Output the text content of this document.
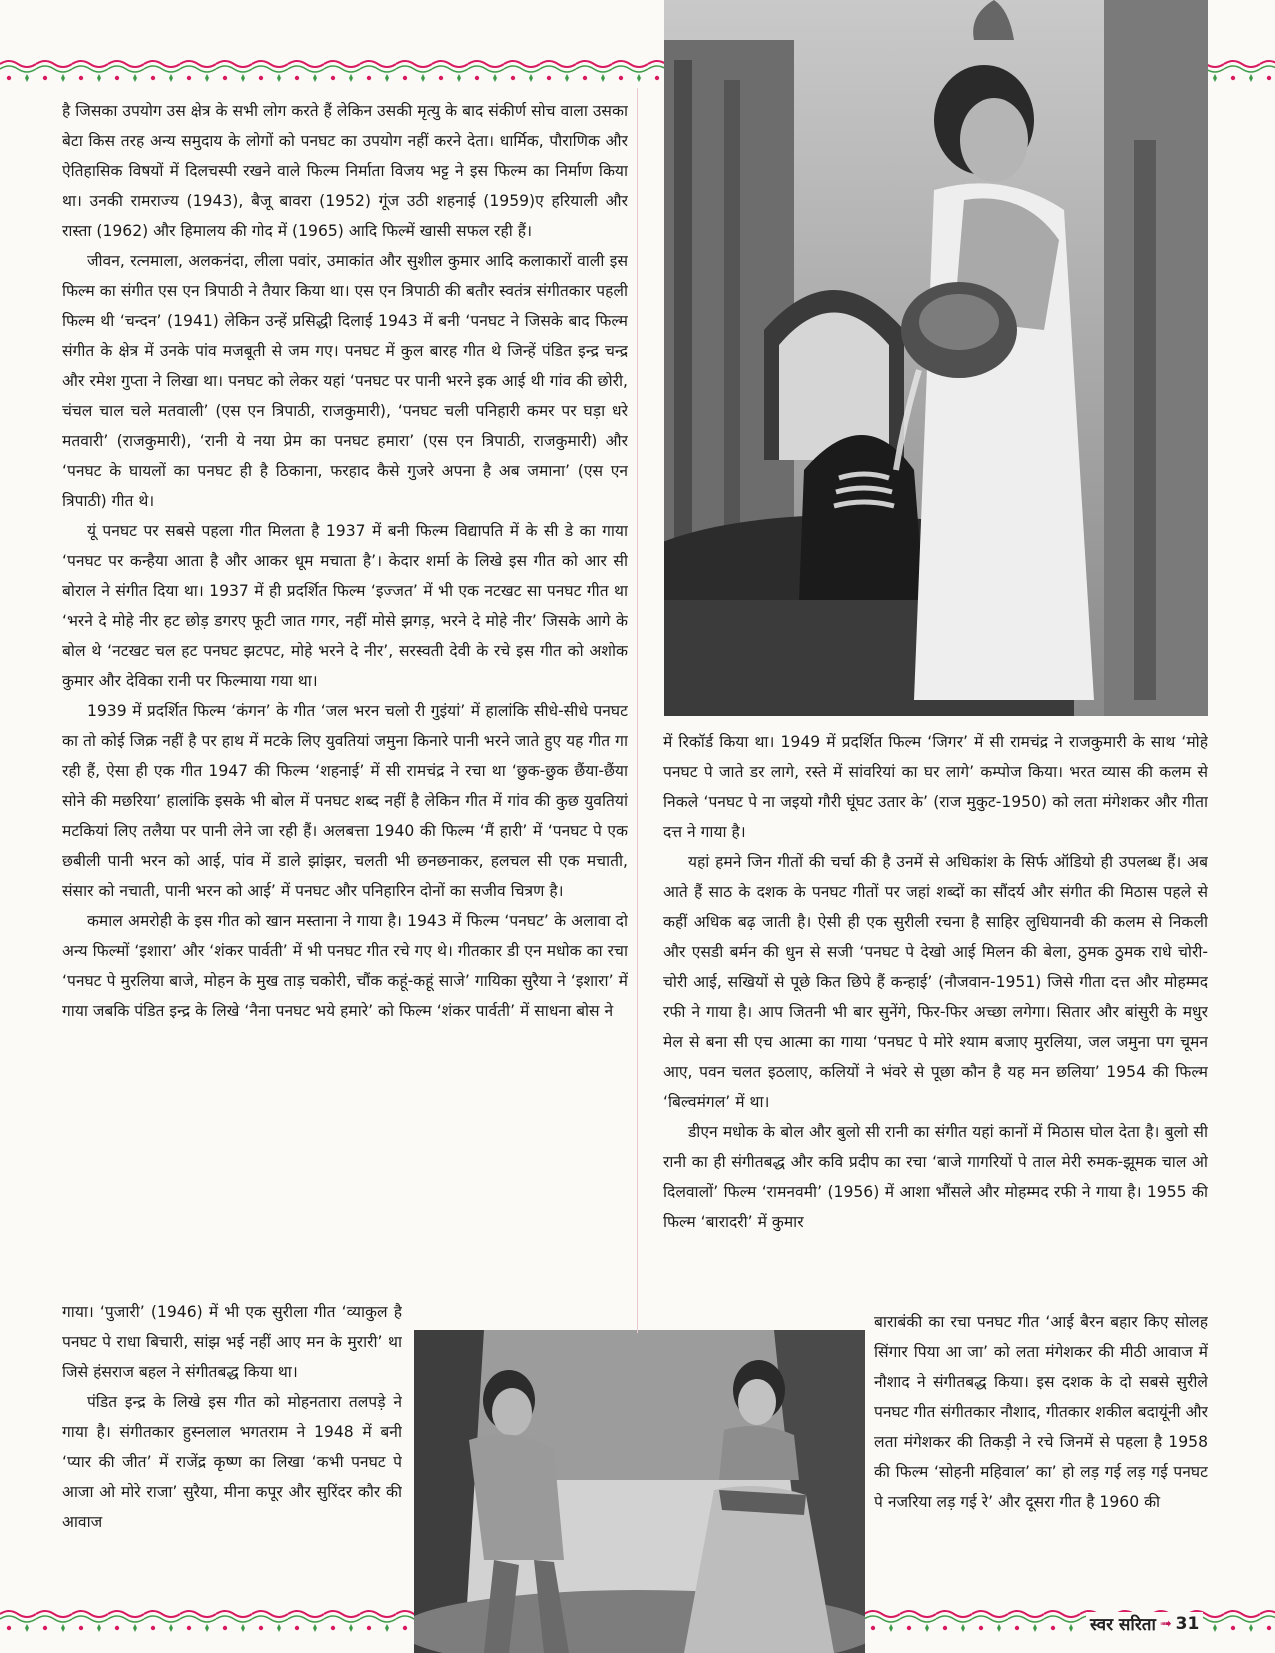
है जिसका उपयोग उस क्षेत्र के सभी लोग करते हैं लेकिन उसकी मृत्यु के बाद संकीर्ण सोच वाला उसका बेटा किस तरह अन्य समुदाय के लोगों को पनघट का उपयोग नहीं करने देता। धार्मिक, पौराणिक और ऐतिहासिक विषयों में दिलचस्पी रखने वाले फिल्म निर्माता विजय भट्ट ने इस फिल्म का निर्माण किया था। उनकी रामराज्य (1943), बैजू बावरा (1952) गूंज उठी शहनाई (1959)ए हरियाली और रास्ता (1962) और हिमालय की गोद में (1965) आदि फिल्में खासी सफल रही हैं।

जीवन, रत्नमाला, अलकनंदा, लीला पवांर, उमाकांत और सुशील कुमार आदि कलाकारों वाली इस फिल्म का संगीत एस एन त्रिपाठी ने तैयार किया था। एस एन त्रिपाठी की बतौर स्वतंत्र संगीतकार पहली फिल्म थी ‘चन्दन’ (1941) लेकिन उन्हें प्रसिद्धी दिलाई 1943 में बनी ‘पनघट ने जिसके बाद फिल्म संगीत के क्षेत्र में उनके पांव मजबूती से जम गए। पनघट में कुल बारह गीत थे जिन्हें पंडित इन्द्र चन्द्र और रमेश गुप्ता ने लिखा था। पनघट को लेकर यहां ‘पनघट पर पानी भरने इक आई थी गांव की छोरी, चंचल चाल चले मतवाली’ (एस एन त्रिपाठी, राजकुमारी), ‘पनघट चली पनिहारी कमर पर घड़ा धरे मतवारी’ (राजकुमारी), ‘रानी ये नया प्रेम का पनघट हमारा’ (एस एन त्रिपाठी, राजकुमारी) और ‘पनघट के घायलों का पनघट ही है ठिकाना, फरहाद कैसे गुजरे अपना है अब जमाना’ (एस एन त्रिपाठी) गीत थे।

यूं पनघट पर सबसे पहला गीत मिलता है 1937 में बनी फिल्म विद्यापति में के सी डे का गाया ‘पनघट पर कन्हैया आता है और आकर धूम मचाता है’। केदार शर्मा के लिखे इस गीत को आर सी बोराल ने संगीत दिया था। 1937 में ही प्रदर्शित फिल्म ‘इज्जत’ में भी एक नटखट सा पनघट गीत था ‘भरने दे मोहे नीर हट छोड़ डगरए फूटी जात गगर, नहीं मोसे झगड़, भरने दे मोहे नीर’ जिसके आगे के बोल थे ‘नटखट चल हट पनघट झटपट, मोहे भरने दे नीर’, सरस्वती देवी के रचे इस गीत को अशोक कुमार और देविका रानी पर फिल्माया गया था।

1939 में प्रदर्शित फिल्म ‘कंगन’ के गीत ‘जल भरन चलो री गुइंयां’ में हालांकि सीधे-सीधे पनघट का तो कोई जिक्र नहीं है पर हाथ में मटके लिए युवतियां जमुना किनारे पानी भरने जाते हुए यह गीत गा रही हैं, ऐसा ही एक गीत 1947 की फिल्म ‘शहनाई’ में सी रामचंद्र ने रचा था ‘छुक-छुक छैंया-छैंया सोने की मछरिया’ हालांकि इसके भी बोल में पनघट शब्द नहीं है लेकिन गीत में गांव की कुछ युवतियां मटकियां लिए तलैया पर पानी लेने जा रही हैं। अलबत्ता 1940 की फिल्म ‘मैं हारी’ में ‘पनघट पे एक छबीली पानी भरन को आई, पांव में डाले झांझर, चलती भी छनछनाकर, हलचल सी एक मचाती, संसार को नचाती, पानी भरन को आई’ में पनघट और पनिहारिन दोनों का सजीव चित्रण है।

कमाल अमरोही के इस गीत को खान मस्ताना ने गाया है। 1943 में फिल्म ‘पनघट’ के अलावा दो अन्य फिल्मों ‘इशारा’ और ‘शंकर पार्वती’ में भी पनघट गीत रचे गए थे। गीतकार डी एन मधोक का रचा ‘पनघट पे मुरलिया बाजे, मोहन के मुख ताड़ चकोरी, चौंक कहूं-कहूं साजे’ गायिका सुरैया ने ‘इशारा’ में गाया जबकि पंडित इन्द्र के लिखे ‘नैना पनघट भये हमारे’ को फिल्म ‘शंकर पार्वती’ में साधना बोस ने

गाया। ‘पुजारी’ (1946) में भी एक सुरीला गीत ‘व्याकुल है पनघट पे राधा बिचारी, सांझ भई नहीं आए मन के मुरारी’ था जिसे हंसराज बहल ने संगीतबद्ध किया था।

पंडित इन्द्र के लिखे इस गीत को मोहनतारा तलपड़े ने गाया है। संगीतकार हुस्नलाल भगतराम ने 1948 में बनी ‘प्यार की जीत’ में राजेंद्र कृष्ण का लिखा ‘कभी पनघट पे आजा ओ मोरे राजा’ सुरैया, मीना कपूर और सुरिंदर कौर की आवाज

में रिकॉर्ड किया था। 1949 में प्रदर्शित फिल्म ‘जिगर’ में सी रामचंद्र ने राजकुमारी के साथ ‘मोहे पनघट पे जाते डर लागे, रस्ते में सांवरियां का घर लागे’ कम्पोज किया। भरत व्यास की कलम से निकले ‘पनघट पे ना जइयो गौरी घूंघट उतार के’ (राज मुकुट-1950) को लता मंगेशकर और गीता दत्त ने गाया है।

यहां हमने जिन गीतों की चर्चा की है उनमें से अधिकांश के सिर्फ ऑडियो ही उपलब्ध हैं। अब आते हैं साठ के दशक के पनघट गीतों पर जहां शब्दों का सौंदर्य और संगीत की मिठास पहले से कहीं अधिक बढ़ जाती है। ऐसी ही एक सुरीली रचना है साहिर लुधियानवी की कलम से निकली और एसडी बर्मन की धुन से सजी ‘पनघट पे देखो आई मिलन की बेला, ठुमक ठुमक राधे चोरी-चोरी आई, सखियों से पूछे कित छिपे हैं कन्हाई’ (नौजवान-1951) जिसे गीता दत्त और मोहम्मद रफी ने गाया है। आप जितनी भी बार सुनेंगे, फिर-फिर अच्छा लगेगा। सितार और बांसुरी के मधुर मेल से बना सी एच आत्मा का गाया ‘पनघट पे मोरे श्याम बजाए मुरलिया, जल जमुना पग चूमन आए, पवन चलत इठलाए, कलियों ने भंवरे से पूछा कौन है यह मन छलिया’ 1954 की फिल्म ‘बिल्वमंगल’ में था।

डीएन मधोक के बोल और बुलो सी रानी का संगीत यहां कानों में मिठास घोल देता है। बुलो सी रानी का ही संगीतबद्ध और कवि प्रदीप का रचा ‘बाजे गागरियों पे ताल मेरी रुमक-झूमक चाल ओ दिलवालों’ फिल्म ‘रामनवमी’ (1956) में आशा भौंसले और मोहम्मद रफी ने गाया है। 1955 की फिल्म ‘बारादरी’ में कुमार

बाराबंकी का रचा पनघट गीत ‘आई बैरन बहार किए सोलह सिंगार पिया आ जा’ को लता मंगेशकर की मीठी आवाज में नौशाद ने संगीतबद्ध किया। इस दशक के दो सबसे सुरीले पनघट गीत संगीतकार नौशाद, गीतकार शकील बदायूंनी और लता मंगेशकर की तिकड़ी ने रचे जिनमें से पहला है 1958 की फिल्म ‘सोहनी महिवाल’ का’ हो लड़ गई लड़ गई पनघट पे नजरिया लड़ गई रे’ और दूसरा गीत है 1960 की

स्वर सरिता ➟ 31
